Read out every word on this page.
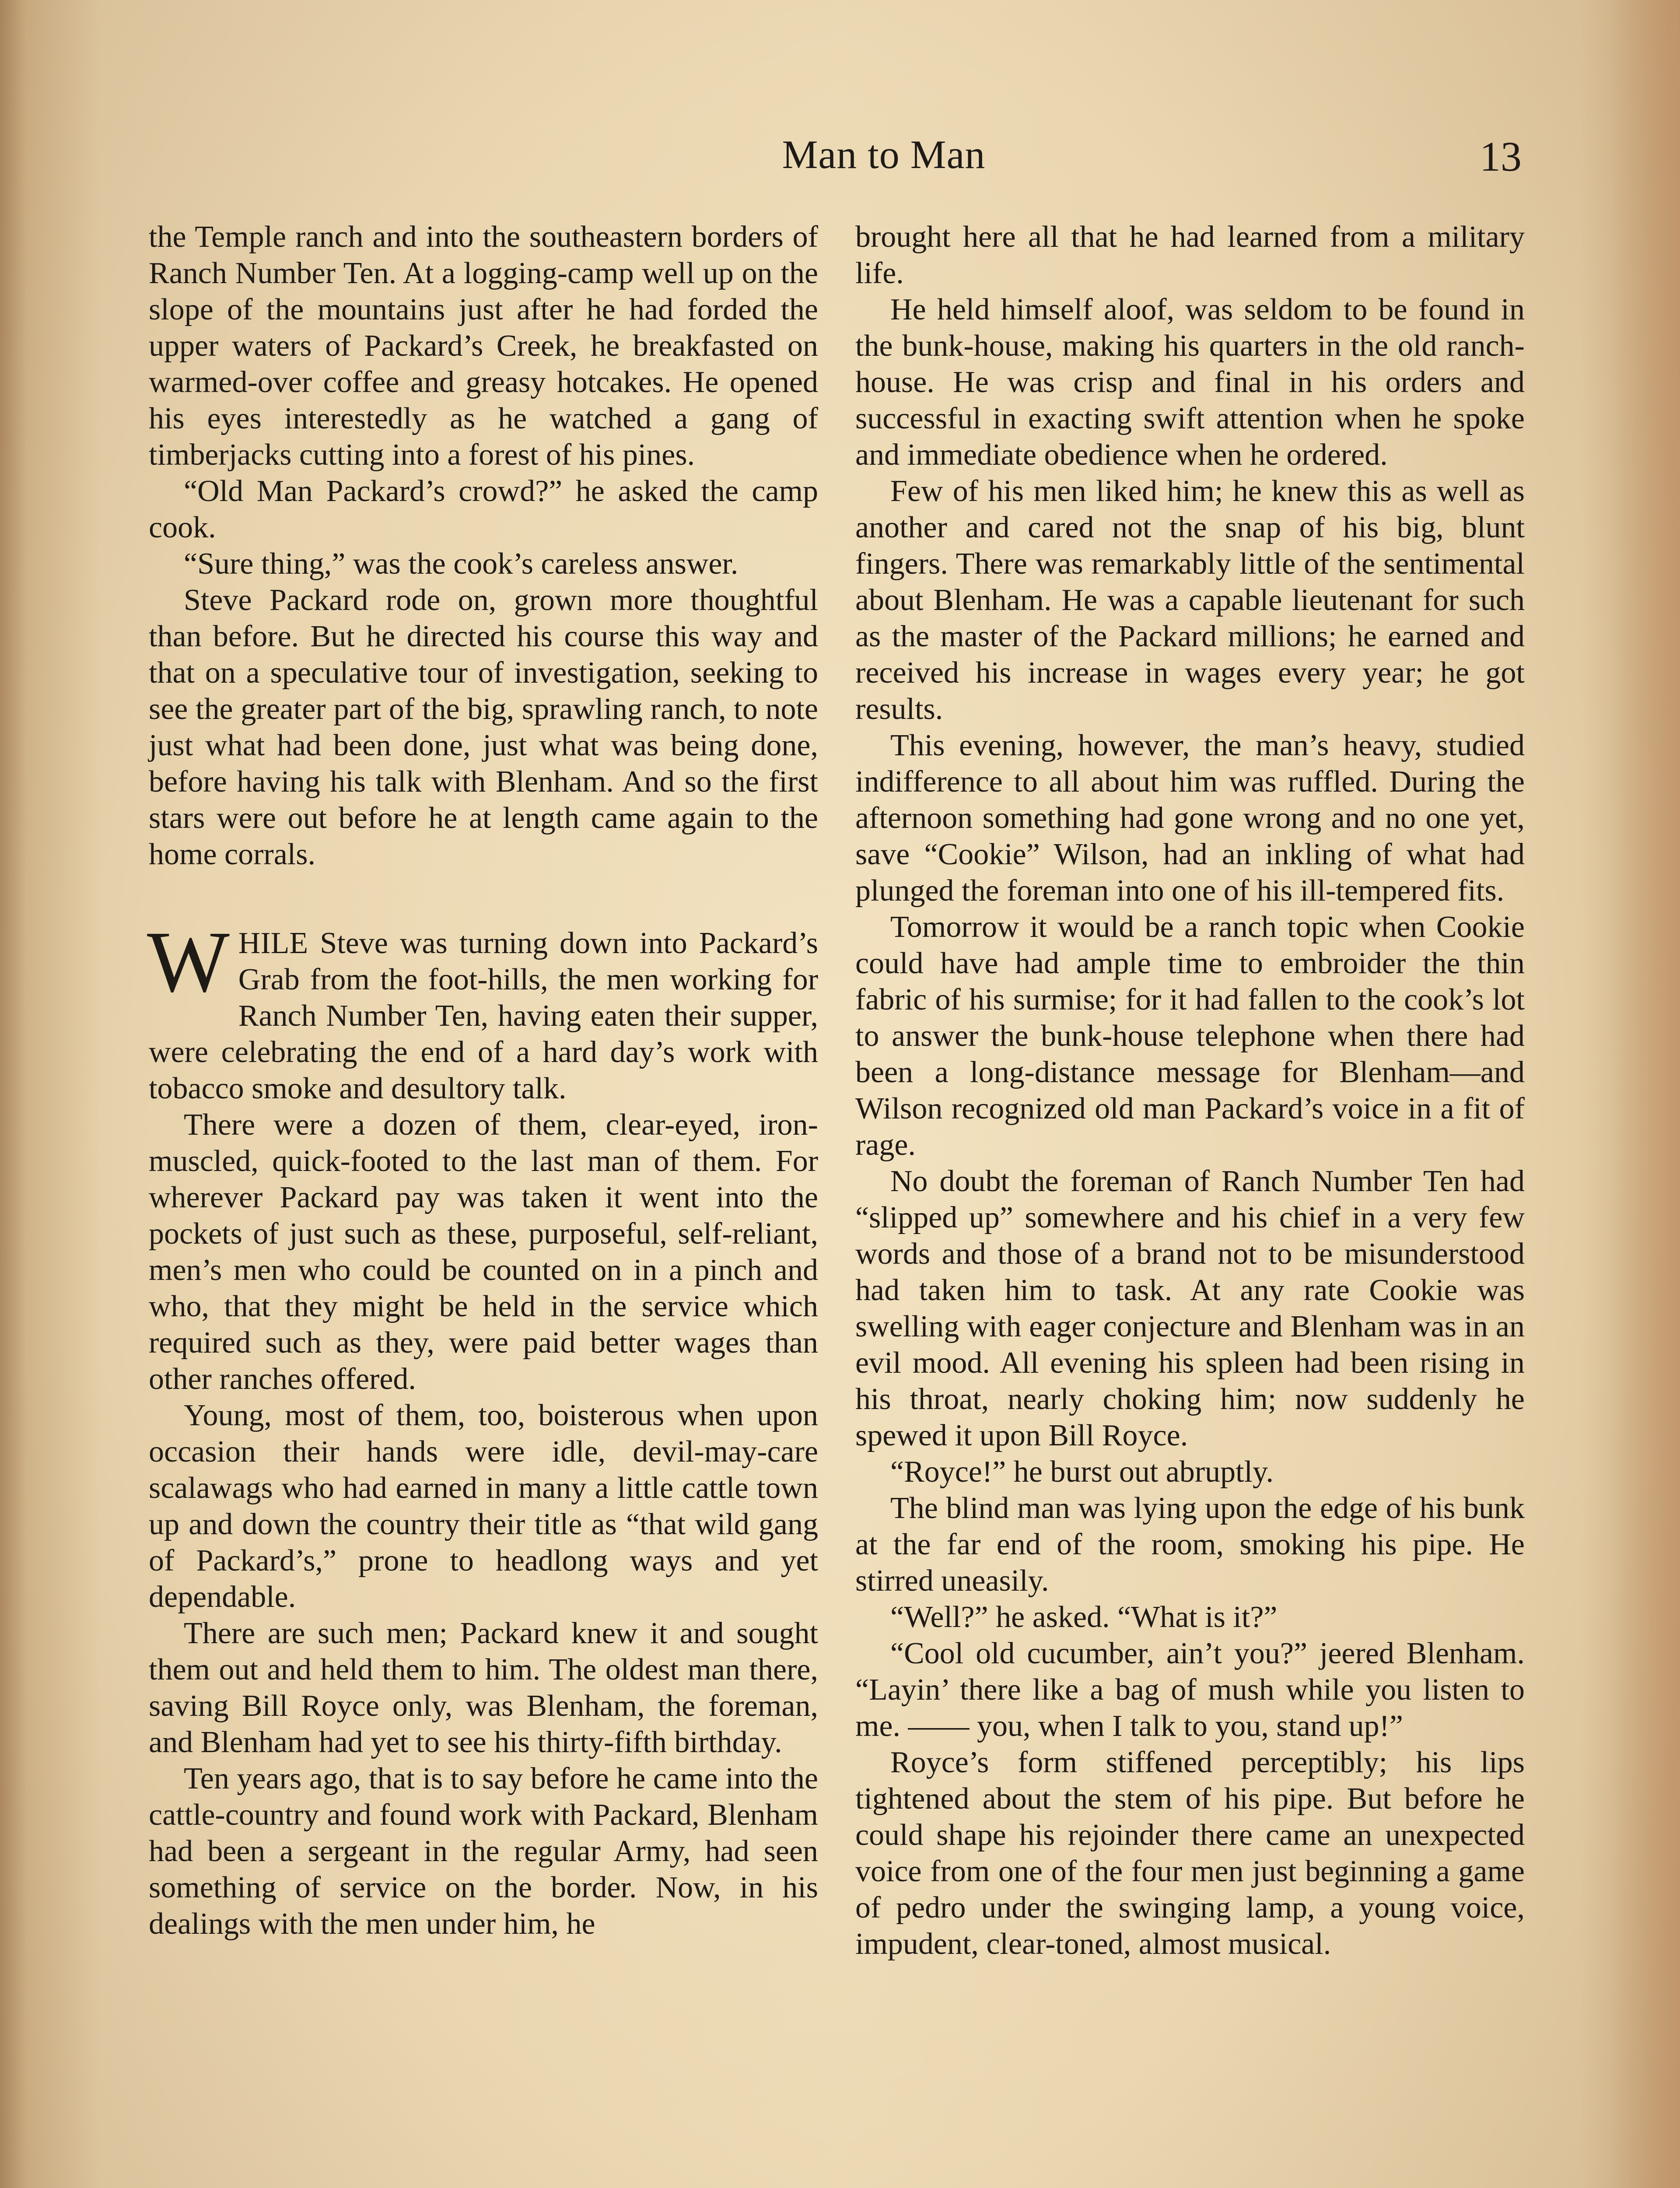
Man to Man	13

the Temple ranch and into the southeastern borders of Ranch Number Ten. At a logging-camp well up on the slope of the mountains just after he had forded the upper waters of Packard’s Creek, he breakfasted on warmed-over coffee and greasy hotcakes. He opened his eyes interestedly as he watched a gang of timberjacks cutting into a forest of his pines.

“Old Man Packard’s crowd?” he asked the camp cook.

“Sure thing,” was the cook’s careless answer.

Steve Packard rode on, grown more thoughtful than before. But he directed his course this way and that on a speculative tour of investigation, seeking to see the greater part of the big, sprawling ranch, to note just what had been done, just what was being done, before having his talk with Blenham. And so the first stars were out before he at length came again to the home corrals.

W HILE Steve was turning down into Packard’s Grab from the foot-hills, the men working for Ranch Number Ten, having eaten their supper, were celebrating the end of a hard day’s work with tobacco smoke and desultory talk.

There were a dozen of them, clear-eyed, iron-muscled, quick-footed to the last man of them. For wherever Packard pay was taken it went into the pockets of just such as these, purposeful, self-reliant, men’s men who could be counted on in a pinch and who, that they might be held in the service which required such as they, were paid better wages than other ranches offered.

Young, most of them, too, boisterous when upon occasion their hands were idle, devil-may-care scalawags who had earned in many a little cattle town up and down the country their title as “that wild gang of Packard’s,” prone to headlong ways and yet dependable.

There are such men; Packard knew it and sought them out and held them to him. The oldest man there, saving Bill Royce only, was Blenham, the foreman, and Blenham had yet to see his thirty-fifth birthday.

Ten years ago, that is to say before he came into the cattle-country and found work with Packard, Blenham had been a sergeant in the regular Army, had seen something of service on the border. Now, in his dealings with the men under him, he

brought here all that he had learned from a military life.

He held himself aloof, was seldom to be found in the bunk-house, making his quarters in the old ranch-house. He was crisp and final in his orders and successful in exacting swift attention when he spoke and immediate obedience when he ordered.

Few of his men liked him; he knew this as well as another and cared not the snap of his big, blunt fingers. There was remarkably little of the sentimental about Blenham. He was a capable lieutenant for such as the master of the Packard millions; he earned and received his increase in wages every year; he got results.

This evening, however, the man’s heavy, studied indifference to all about him was ruffled. During the afternoon something had gone wrong and no one yet, save “Cookie” Wilson, had an inkling of what had plunged the foreman into one of his ill-tempered fits.

Tomorrow it would be a ranch topic when Cookie could have had ample time to embroider the thin fabric of his surmise; for it had fallen to the cook’s lot to answer the bunk-house telephone when there had been a long-distance message for Blenham—and Wilson recognized old man Packard’s voice in a fit of rage.

No doubt the foreman of Ranch Number Ten had “slipped up” somewhere and his chief in a very few words and those of a brand not to be misunderstood had taken him to task. At any rate Cookie was swelling with eager conjecture and Blenham was in an evil mood. All evening his spleen had been rising in his throat, nearly choking him; now suddenly he spewed it upon Bill Royce.

“Royce!” he burst out abruptly.

The blind man was lying upon the edge of his bunk at the far end of the room, smoking his pipe. He stirred uneasily.

“Well?” he asked. “What is it?”

“Cool old cucumber, ain’t you?” jeered Blenham. “Layin’ there like a bag of mush while you listen to me. —— you, when I talk to you, stand up!”

Royce’s form stiffened perceptibly; his lips tightened about the stem of his pipe. But before he could shape his rejoinder there came an unexpected voice from one of the four men just beginning a game of pedro under the swinging lamp, a young voice, impudent, clear-toned, almost musical.
